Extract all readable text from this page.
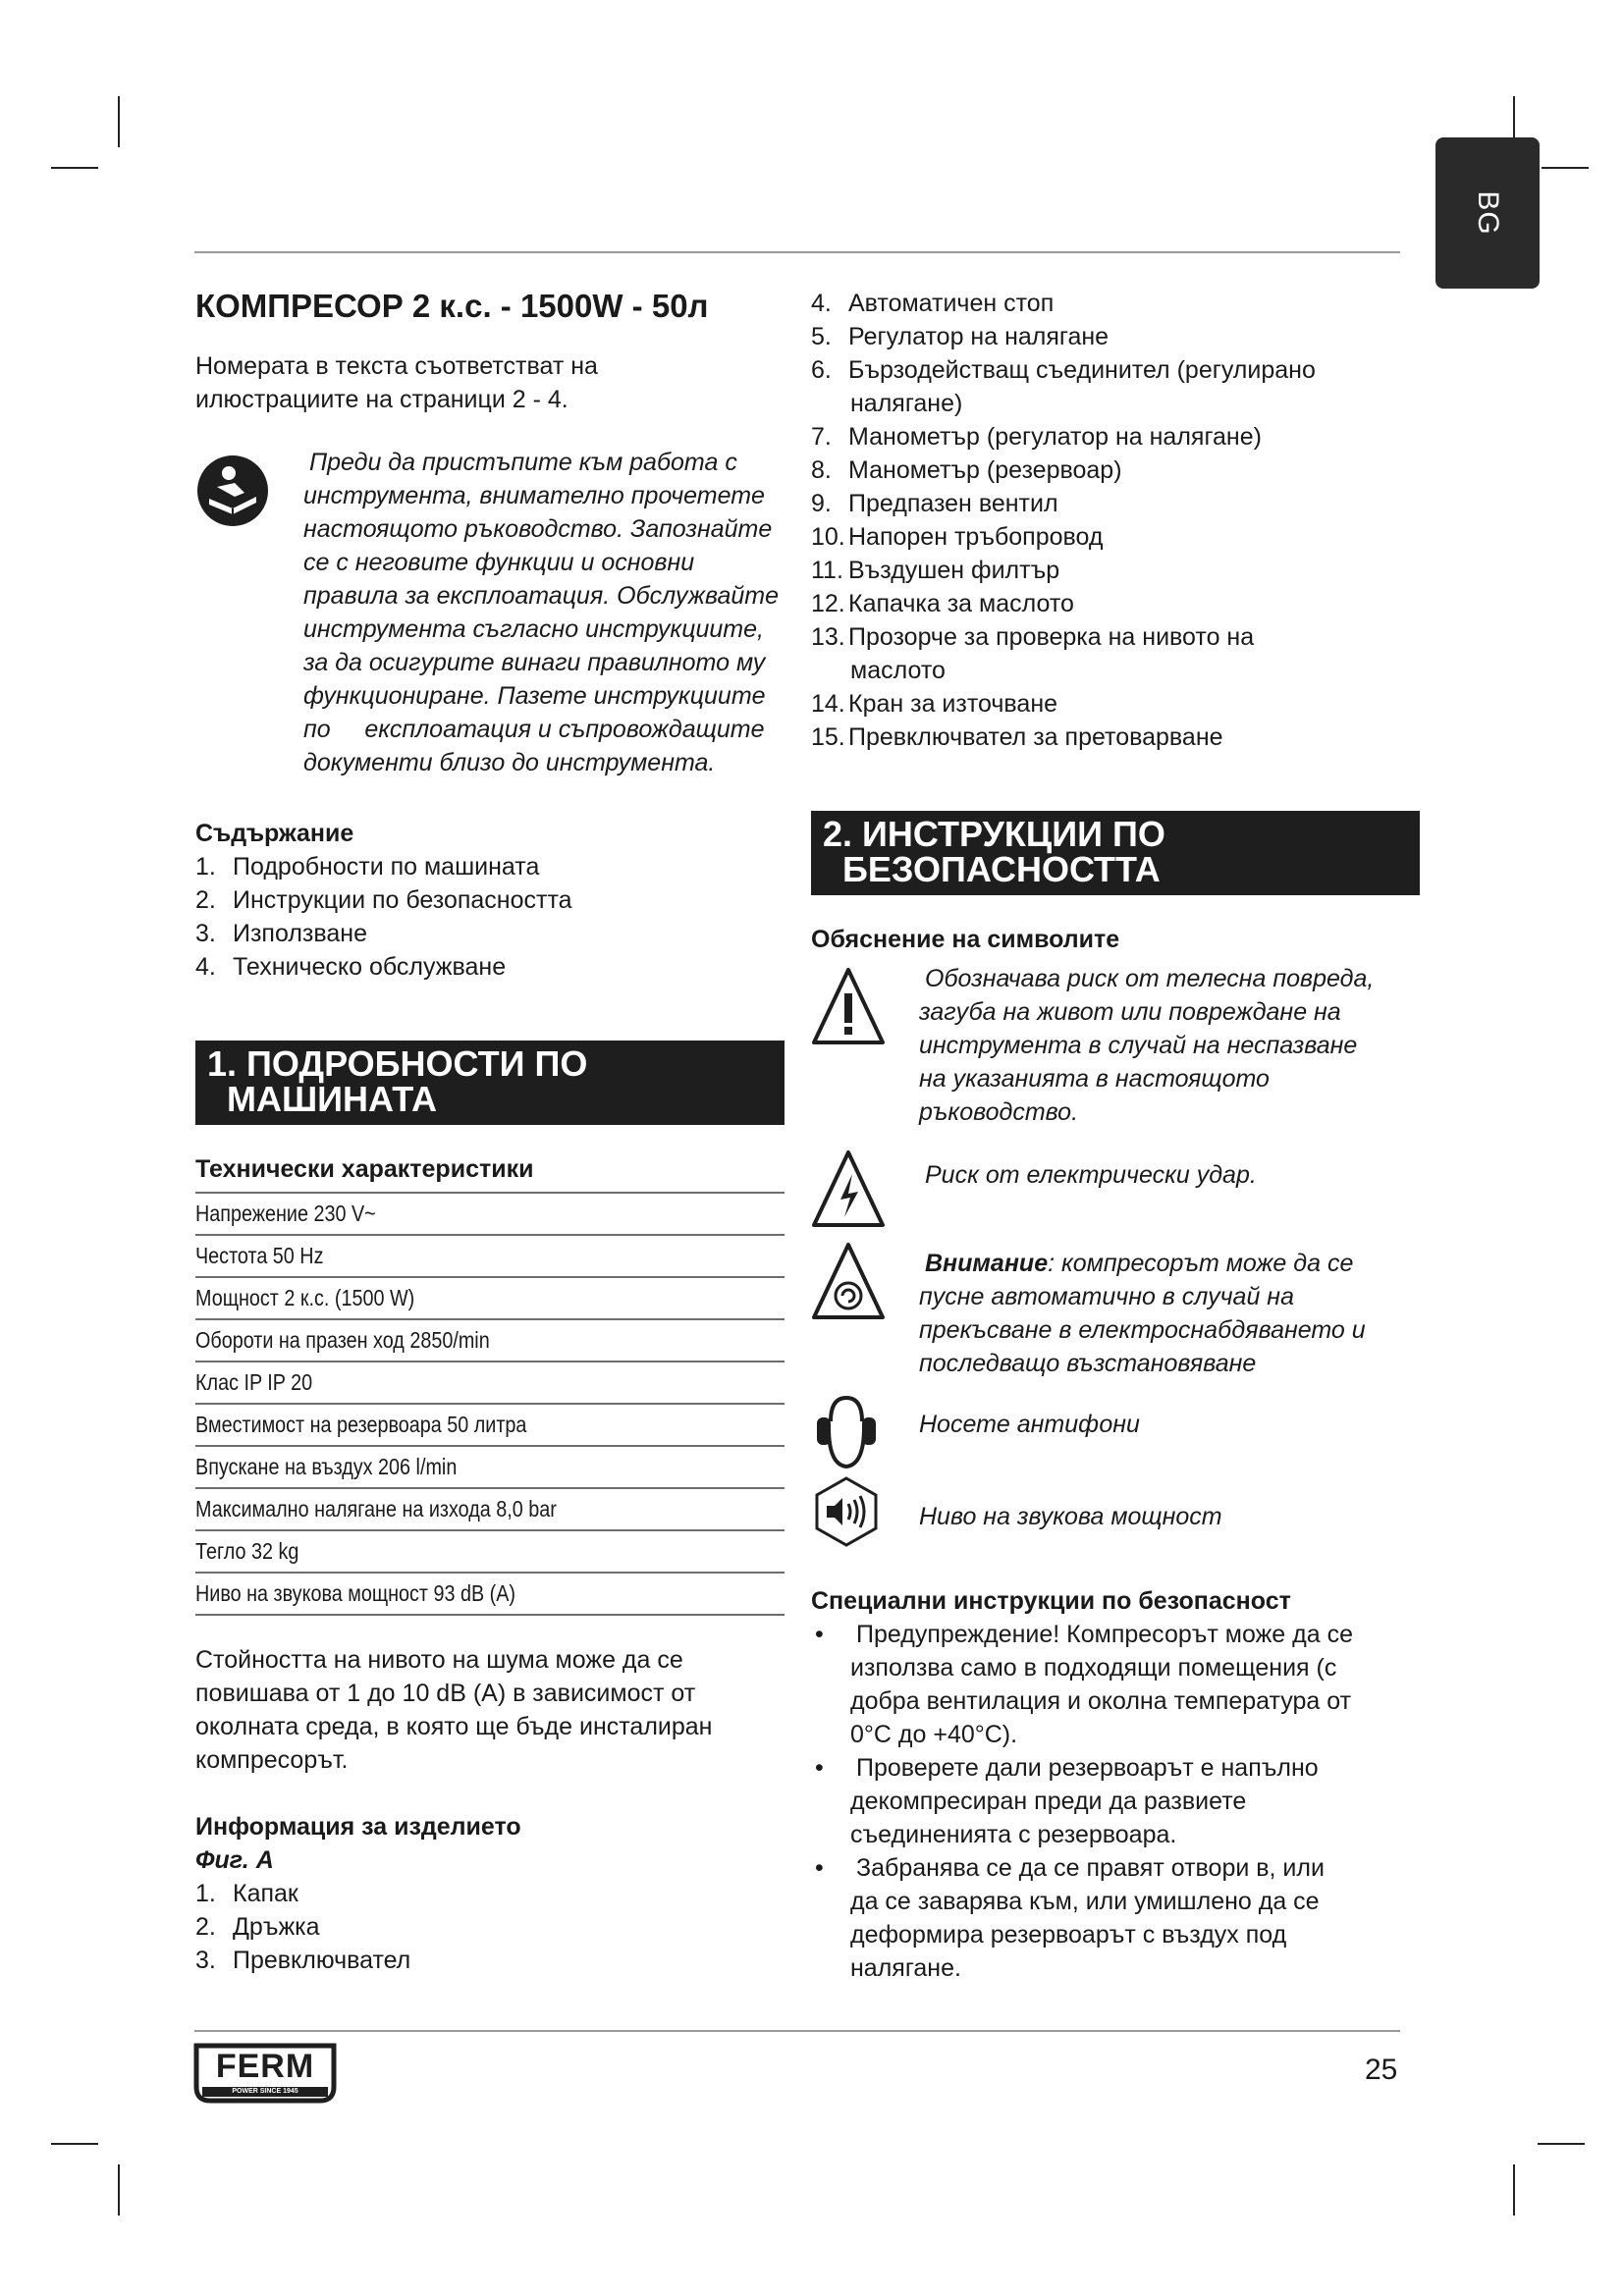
BG
КОМПРЕСОР 2 к.с. - 1500W - 50л

Номерата в текста съответстват на

илюстрациите на страници 2 - 4.

Преди да пристъпите към работа с

инструмента, внимателно прочетете

настоящото ръководство. Запознайте

се с неговите функции и основни

правила за експлоатация. Обслужвайте

инструмента съгласно инструкциите,

за да осигурите винаги правилното му

функциониране. Пазете инструкциите

по     експлоатация и съпровождащите

документи близо до инструмента.

Съдържание
1. Подробности по машината
2. Инструкции по безопасността
3. Използване
4. Техническо обслужване
1. ПОДРОБНОСТИ ПО
МАШИНАТА
Технически характеристики
Напрежение 230 V~
Честота 50 Hz
Мощност 2 к.с. (1500 W)
Обороти на празен ход 2850/min
Клас IP IP 20
Вместимост на резервоара 50 литра
Впускане на въздух 206 l/min
Максимално налягане на изхода 8,0 bar
Тегло 32 kg
Ниво на звукова мощност 93 dB (A)

Стойността на нивото на шума може да се

повишава от 1 до 10 dB (A) в зависимост от

околната среда, в която ще бъде инсталиран

компресорът.

Информация за изделието
Фиг. A
1. Капак
2. Дръжка
3. Превключвател
4. Автоматичен стоп
5. Регулатор на налягане
6. Бързодействащ съединител (регулирано
налягане)
7. Манометър (регулатор на налягане)
8. Манометър (резервоар)
9. Предпазен вентил
10. Напорен тръбопровод
11. Въздушен филтър
12. Капачка за маслото
13. Прозорче за проверка на нивото на
маслото
14. Кран за източване
15. Превключвател за претоварване
2. ИНСТРУКЦИИ ПО
БЕЗОПАСНОСТТА
Обяснение на символите

Обозначава риск от телесна повреда,

загуба на живот или повреждане на

инструмента в случай на неспазване

на указанията в настоящото

ръководство.

Риск от електрически удар.

Внимание: компресорът може да се

пусне автоматично в случай на

прекъсване в електроснабдяването и

последващо възстановяване

Носете антифони

Ниво на звукова мощност

Специални инструкции по безопасност

• Предупреждение! Компресорът може да се

използва само в подходящи помещения (с

добра вентилация и околна температура от

0°C до +40°C).

• Проверете дали резервоарът е напълно

декомпресиран преди да развиете

съединенията с резервоара.

• Забранява се да се правят отвори в, или

да се заварява към, или умишлено да се

деформира резервоарът с въздух под

налягане.

FERM
POWER SINCE 1945
25
